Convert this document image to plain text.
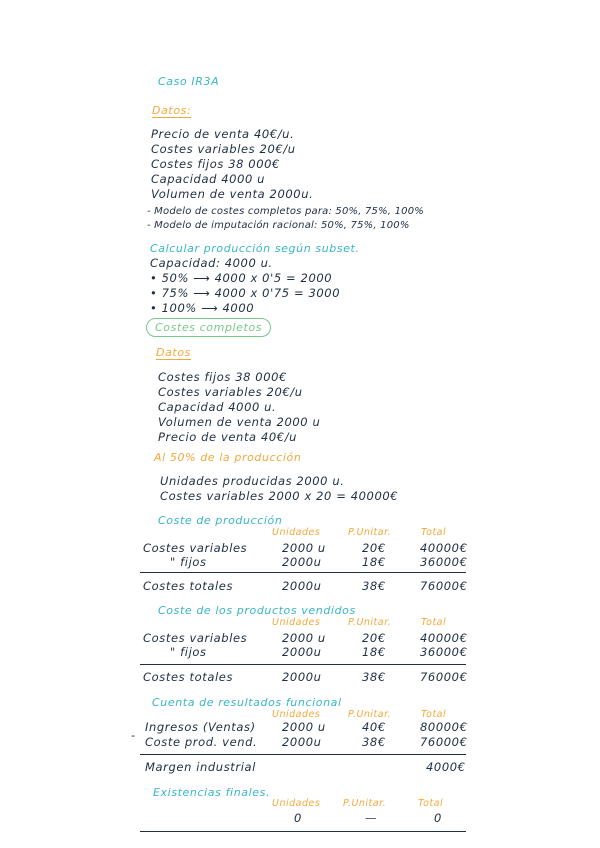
Caso IR3A
Datos:
Precio de venta 40€/u.
Costes variables 20€/u
Costes fijos 38 000€
Capacidad 4000 u
Volumen de venta 2000u.
- Modelo de costes completos para: 50%, 75%, 100%
- Modelo de imputación racional: 50%, 75%, 100%
Calcular producción según subset.
Capacidad: 4000 u.
• 50% ⟶ 4000 x 0'5 = 2000
• 75% ⟶ 4000 x 0'75 = 3000
• 100% ⟶ 4000
Costes completos
Datos
Costes fijos 38 000€
Costes variables 20€/u
Capacidad 4000 u.
Volumen de venta 2000 u
Precio de venta 40€/u
Al 50% de la producción
Unidades producidas 2000 u.
Costes variables 2000 x 20 = 40000€
Coste de producción
Unidades	P.Unitar.	Total
Costes variables	2000 u	20€	40000€
" fijos	2000u	18€	36000€
Costes totales	2000u	38€	76000€
Coste de los productos vendidos
Unidades	P.Unitar.	Total
Costes variables	2000 u	20€	40000€
" fijos	2000u	18€	36000€
Costes totales	2000u	38€	76000€
Cuenta de resultados funcional
Unidades	P.Unitar.	Total
-
Ingresos (Ventas) 2000 u	40€	80000€
Coste prod. vend. 2000u	38€	76000€
Margen industrial	4000€
Existencias finales.
Unidades P.Unitar.	Total
0	—	0
